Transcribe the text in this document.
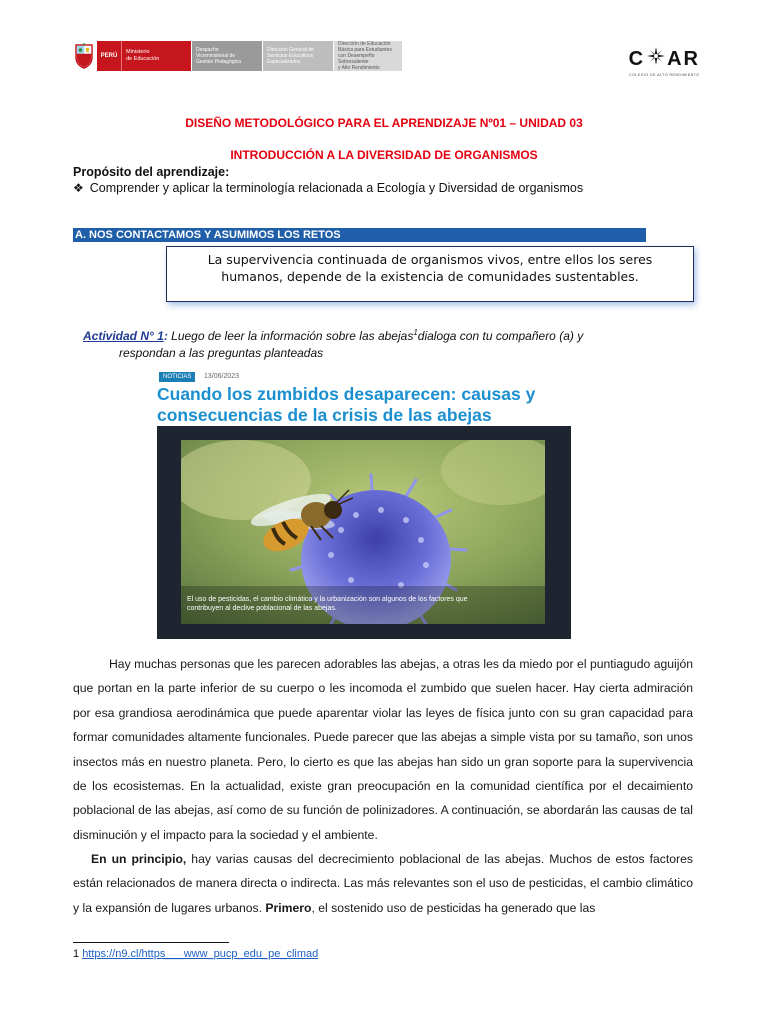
PERÚ
Ministerio
de Educación
Despacho
Viceministerial de
Gestión Pedagógica
Dirección General de
Servicios Educativos
Especializados
Dirección de Educación
Básica para Estudiantes
con Desempeño Sobresaliente
y Alto Rendimiento	C A R
COLEGIO DE ALTO RENDIMIENTO
DISEÑO METODOLÓGICO PARA EL APRENDIZAJE Nº01 – UNIDAD 03
INTRODUCCIÓN A LA DIVERSIDAD DE ORGANISMOS
Propósito del aprendizaje:
❖ Comprender y aplicar la terminología relacionada a Ecología y Diversidad de organismos
A. NOS CONTACTAMOS Y ASUMIMOS LOS RETOS
La supervivencia continuada de organismos vivos, entre ellos los seres
humanos, depende de la existencia de comunidades sustentables.
Actividad N° 1: Luego de leer la información sobre las abejas$^1$dialoga con tu compañero (a) y
respondan a las preguntas planteadas
NOTICIAS	13/06/2023
Cuando los zumbidos desaparecen: causas y
consecuencias de la crisis de las abejas
El uso de pesticidas, el cambio climático y la urbanización son algunos de los factores que
contribuyen al declive poblacional de las abejas.
Hay muchas personas que les parecen adorables las abejas, a otras les da miedo por el puntiagudo aguijón que portan en la parte inferior de su cuerpo o les incomoda el zumbido que suelen hacer. Hay cierta admiración por esa grandiosa aerodinámica que puede aparentar violar las leyes de física junto con su gran capacidad para formar comunidades altamente funcionales. Puede parecer que las abejas a simple vista por su tamaño, son unos insectos más en nuestro planeta. Pero, lo cierto es que las abejas han sido un gran soporte para la supervivencia de los ecosistemas. En la actualidad, existe gran preocupación en la comunidad científica por el decaimiento poblacional de las abejas, así como de su función de polinizadores. A continuación, se abordarán las causas de tal disminución y el impacto para la sociedad y el ambiente.
En un principio, hay varias causas del decrecimiento poblacional de las abejas. Muchos de estos factores están relacionados de manera directa o indirecta. Las más relevantes son el uso de pesticidas, el cambio climático y la expansión de lugares urbanos. Primero, el sostenido uso de pesticidas ha generado que las
1 https://n9.cl/https___www_pucp_edu_pe_climad
